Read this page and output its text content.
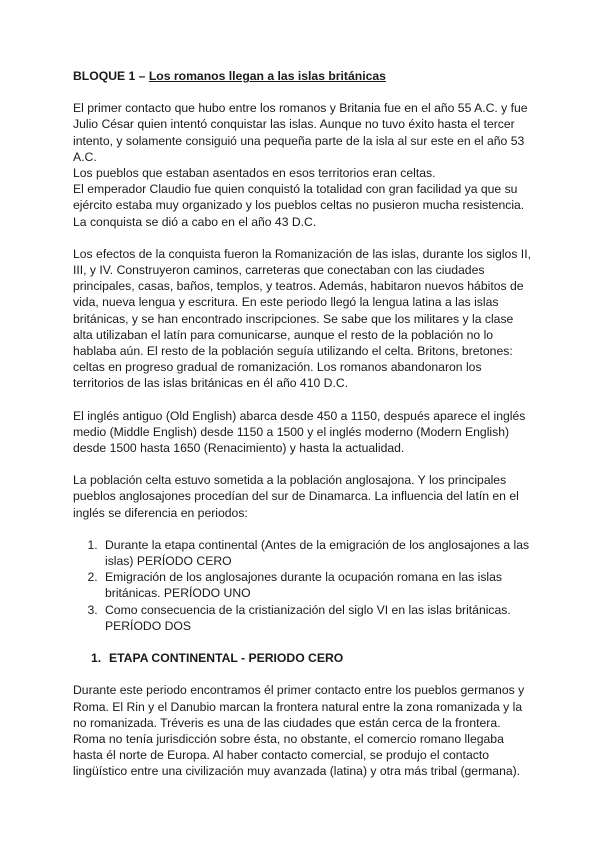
BLOQUE 1 – Los romanos llegan a las islas británicas

El primer contacto que hubo entre los romanos y Britania fue en el año 55 A.C. y fue Julio César quien intentó conquistar las islas. Aunque no tuvo éxito hasta el tercer intento, y solamente consiguió una pequeña parte de la isla al sur este en el año 53 A.C.
Los pueblos que estaban asentados en esos territorios eran celtas.
El emperador Claudio fue quien conquistó la totalidad con gran facilidad ya que su ejército estaba muy organizado y los pueblos celtas no pusieron mucha resistencia.
La conquista se dió a cabo en el año 43 D.C.

Los efectos de la conquista fueron la Romanización de las islas, durante los siglos II, III, y IV. Construyeron caminos, carreteras que conectaban con las ciudades principales, casas, baños, templos, y teatros. Además, habitaron nuevos hábitos de vida, nueva lengua y escritura. En este periodo llegó la lengua latina a las islas británicas, y se han encontrado inscripciones. Se sabe que los militares y la clase alta utilizaban el latín para comunicarse, aunque el resto de la población no lo hablaba aún. El resto de la población seguía utilizando el celta. Britons, bretones: celtas en progreso gradual de romanización. Los romanos abandonaron los territorios de las islas británicas en él año 410 D.C.

El inglés antiguo (Old English) abarca desde 450 a 1150, después aparece el inglés medio (Middle English) desde 1150 a 1500 y el inglés moderno (Modern English) desde 1500 hasta 1650 (Renacimiento) y hasta la actualidad.

La población celta estuvo sometida a la población anglosajona. Y los principales pueblos anglosajones procedían del sur de Dinamarca. La influencia del latín en el inglés se diferencia en periodos:

1. Durante la etapa continental (Antes de la emigración de los anglosajones a las islas) PERÍODO CERO
2. Emigración de los anglosajones durante la ocupación romana en las islas británicas. PERÍODO UNO
3. Como consecuencia de la cristianización del siglo VI en las islas británicas. PERÍODO DOS
1. ETAPA CONTINENTAL - PERIODO CERO

Durante este periodo encontramos él primer contacto entre los pueblos germanos y Roma. El Rin y el Danubio marcan la frontera natural entre la zona romanizada y la no romanizada. Tréveris es una de las ciudades que están cerca de la frontera. Roma no tenía jurisdicción sobre ésta, no obstante, el comercio romano llegaba hasta él norte de Europa. Al haber contacto comercial, se produjo el contacto lingüístico entre una civilización muy avanzada (latina) y otra más tribal (germana).
